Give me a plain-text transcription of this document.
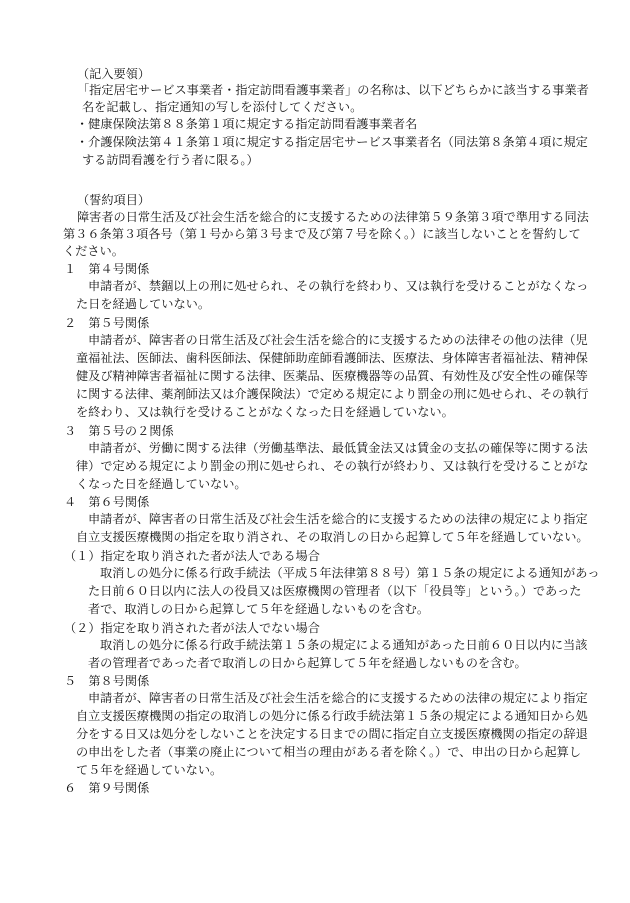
（記入要領）
「指定居宅サービス事業者・指定訪問看護事業者」の名称は、以下どちらかに該当する事業者
名を記載し、指定通知の写しを添付してください。
・健康保険法第８８条第１項に規定する指定訪問看護事業者名
・介護保険法第４１条第１項に規定する指定居宅サービス事業者名（同法第８条第４項に規定
する訪問看護を行う者に限る。）
（誓約項目）
障害者の日常生活及び社会生活を総合的に支援するための法律第５９条第３項で準用する同法
第３６条第３項各号（第１号から第３号まで及び第７号を除く。）に該当しないことを誓約して
ください。
１　第４号関係
申請者が、禁錮以上の刑に処せられ、その執行を終わり、又は執行を受けることがなくなっ
た日を経過していない。
２　第５号関係
申請者が、障害者の日常生活及び社会生活を総合的に支援するための法律その他の法律（児
童福祉法、医師法、歯科医師法、保健師助産師看護師法、医療法、身体障害者福祉法、精神保
健及び精神障害者福祉に関する法律、医薬品、医療機器等の品質、有効性及び安全性の確保等
に関する法律、薬剤師法又は介護保険法）で定める規定により罰金の刑に処せられ、その執行
を終わり、又は執行を受けることがなくなった日を経過していない。
３　第５号の２関係
申請者が、労働に関する法律（労働基準法、最低賃金法又は賃金の支払の確保等に関する法
律）で定める規定により罰金の刑に処せられ、その執行が終わり、又は執行を受けることがな
くなった日を経過していない。
４　第６号関係
申請者が、障害者の日常生活及び社会生活を総合的に支援するための法律の規定により指定
自立支援医療機関の指定を取り消され、その取消しの日から起算して５年を経過していない。
（１）指定を取り消された者が法人である場合
取消しの処分に係る行政手続法（平成５年法律第８８号）第１５条の規定による通知があっ
た日前６０日以内に法人の役員又は医療機関の管理者（以下「役員等」という。）であった
者で、取消しの日から起算して５年を経過しないものを含む。
（２）指定を取り消された者が法人でない場合
取消しの処分に係る行政手続法第１５条の規定による通知があった日前６０日以内に当該
者の管理者であった者で取消しの日から起算して５年を経過しないものを含む。
５　第８号関係
申請者が、障害者の日常生活及び社会生活を総合的に支援するための法律の規定により指定
自立支援医療機関の指定の取消しの処分に係る行政手続法第１５条の規定による通知日から処
分をする日又は処分をしないことを決定する日までの間に指定自立支援医療機関の指定の辞退
の申出をした者（事業の廃止について相当の理由がある者を除く。）で、申出の日から起算し
て５年を経過していない。
６　第９号関係
